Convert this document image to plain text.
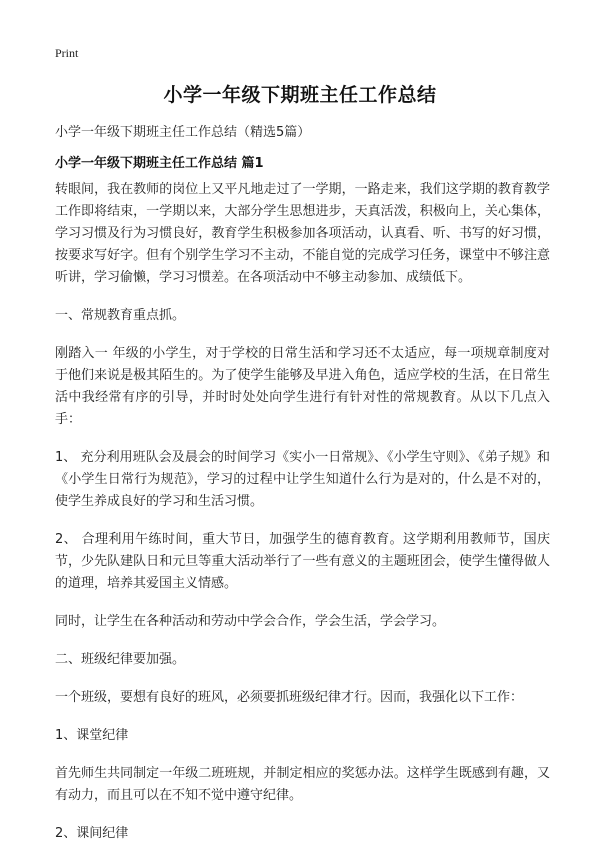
Print
小学一年级下期班主任工作总结
小学一年级下期班主任工作总结（精选5篇）
小学一年级下期班主任工作总结 篇1

转眼间，我在教师的岗位上又平凡地走过了一学期，一路走来，我们这学期的教育教学工作即将结束，一学期以来，大部分学生思想进步，天真活泼，积极向上，关心集体，学习习惯及行为习惯良好，教育学生积极参加各项活动，认真看、听、书写的好习惯，按要求写好字。但有个别学生学习不主动，不能自觉的完成学习任务，课堂中不够注意听讲，学习偷懒，学习习惯差。在各项活动中不够主动参加、成绩低下。

一、常规教育重点抓。

刚踏入一 年级的小学生，对于学校的日常生活和学习还不太适应，每一项规章制度对于他们来说是极其陌生的。为了使学生能够及早进入角色，适应学校的生活，在日常生活中我经常有序的引导，并时时处处向学生进行有针对性的常规教育。从以下几点入手：

1、 充分利用班队会及晨会的时间学习《实小一日常规》、《小学生守则》、《弟子规》和《小学生日常行为规范》，学习的过程中让学生知道什么行为是对的，什么是不对的，使学生养成良好的学习和生活习惯。

2、 合理利用午练时间，重大节日，加强学生的德育教育。这学期利用教师节，国庆节，少先队建队日和元旦等重大活动举行了一些有意义的主题班团会，使学生懂得做人的道理，培养其爱国主义情感。

同时，让学生在各种活动和劳动中学会合作，学会生活，学会学习。

二、班级纪律要加强。

一个班级，要想有良好的班风，必须要抓班级纪律才行。因而，我强化以下工作：

1、课堂纪律

首先师生共同制定一年级二班班规，并制定相应的奖惩办法。这样学生既感到有趣，又有动力，而且可以在不知不觉中遵守纪律。

2、课间纪律
